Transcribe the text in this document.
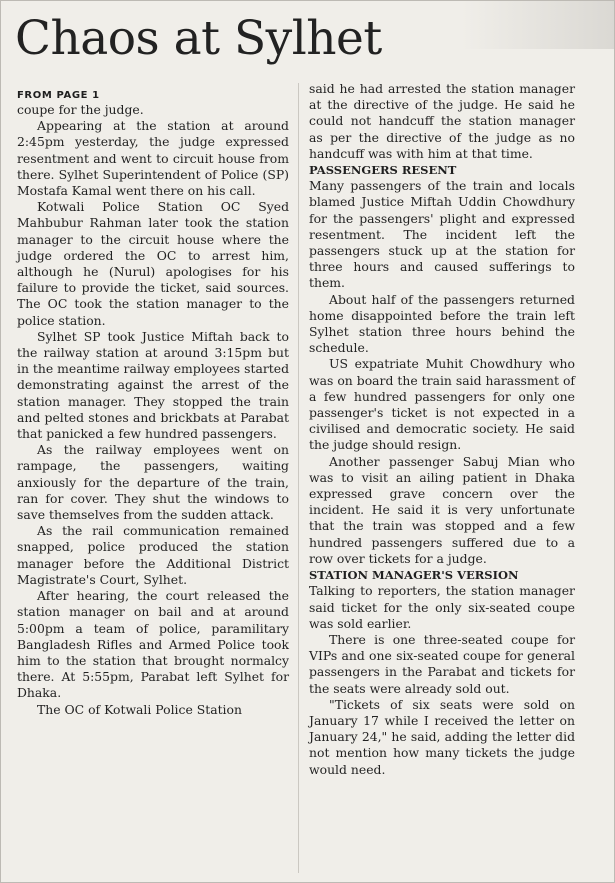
Chaos at Sylhet

FROM PAGE 1

coupe for the judge.

Appearing at the station at around 2:45pm yesterday, the judge expressed resentment and went to circuit house from there. Sylhet Superintendent of Police (SP) Mostafa Kamal went there on his call.

Kotwali Police Station OC Syed Mahbubur Rahman later took the station manager to the circuit house where the judge ordered the OC to arrest him, although he (Nurul) apologises for his failure to provide the ticket, said sources. The OC took the station manager to the police station.

Sylhet SP took Justice Miftah back to the railway station at around 3:15pm but in the meantime railway employees started demonstrating against the arrest of the station manager. They stopped the train and pelted stones and brickbats at Parabat that panicked a few hundred passengers.

As the railway employees went on rampage, the passengers, waiting anxiously for the departure of the train, ran for cover. They shut the windows to save themselves from the sudden attack.

As the rail communication remained snapped, police produced the station manager before the Additional District Magistrate's Court, Sylhet.

After hearing, the court released the station manager on bail and at around 5:00pm a team of police, paramilitary Bangladesh Rifles and Armed Police took him to the station that brought normalcy there. At 5:55pm, Parabat left Sylhet for Dhaka.

The OC of Kotwali Police Station

said he had arrested the station manager at the directive of the judge. He said he could not handcuff the station manager as per the directive of the judge as no handcuff was with him at that time.

PASSENGERS RESENT

Many passengers of the train and locals blamed Justice Miftah Uddin Chowdhury for the passengers' plight and expressed resentment. The incident left the passengers stuck up at the station for three hours and caused sufferings to them.

About half of the passengers returned home disappointed before the train left Sylhet station three hours behind the schedule.

US expatriate Muhit Chowdhury who was on board the train said harassment of a few hundred passengers for only one passenger's ticket is not expected in a civilised and democratic society. He said the judge should resign.

Another passenger Sabuj Mian who was to visit an ailing patient in Dhaka expressed grave concern over the incident. He said it is very unfortunate that the train was stopped and a few hundred passengers suffered due to a row over tickets for a judge.

STATION MANAGER'S VERSION

Talking to reporters, the station manager said ticket for the only six-seated coupe was sold earlier.

There is one three-seated coupe for VIPs and one six-seated coupe for general passengers in the Parabat and tickets for the seats were already sold out.

"Tickets of six seats were sold on January 17 while I received the letter on January 24," he said, adding the letter did not mention how many tickets the judge would need.
